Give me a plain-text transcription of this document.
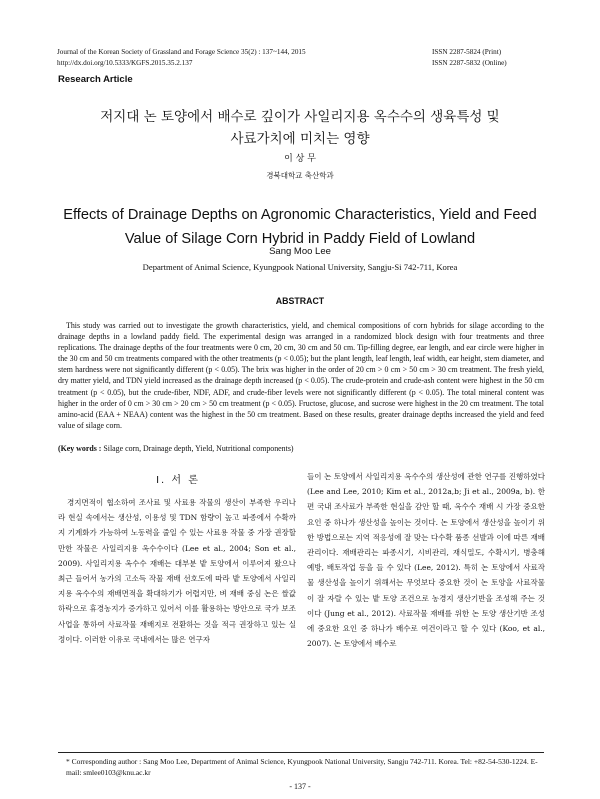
Journal of the Korean Society of Grassland and Forage Science 35(2) : 137~144, 2015
http://dx.doi.org/10.5333/KGFS.2015.35.2.137
ISSN 2287-5824 (Print)
ISSN 2287-5832 (Online)
Research Article
저지대 논 토양에서 배수로 깊이가 사일리지용 옥수수의 생육특성 및
사료가치에 미치는 영향
이 상 무
경북대학교 축산학과
Effects of Drainage Depths on Agronomic Characteristics, Yield and Feed
Value of Silage Corn Hybrid in Paddy Field of Lowland
Sang Moo Lee
Department of Animal Science, Kyungpook National University, Sangju-Si 742-711, Korea
ABSTRACT

This study was carried out to investigate the growth characteristics, yield, and chemical compositions of corn hybrids for silage according to the drainage depths in a lowland paddy field. The experimental design was arranged in a randomized block design with four treatments and three replications. The drainage depths of the four treatments were 0 cm, 20 cm, 30 cm and 50 cm. Tip-filling degree, ear length, and ear circle were higher in the 30 cm and 50 cm treatments compared with the other treatments (p < 0.05); but the plant length, leaf length, leaf width, ear height, stem diameter, and stem hardness were not significantly different (p < 0.05). The brix was higher in the order of 20 cm > 0 cm > 50 cm > 30 cm treatment. The fresh yield, dry matter yield, and TDN yield increased as the drainage depth increased (p < 0.05). The crude-protein and crude-ash content were highest in the 50 cm treatment (p < 0.05), but the crude-fiber, NDF, ADF, and crude-fiber levels were not significantly different (p < 0.05). The total mineral content was higher in the order of 0 cm > 30 cm > 20 cm > 50 cm treatment (p < 0.05). Fructose, glucose, and sucrose were highest in the 20 cm treatment. The total amino-acid (EAA + NEAA) content was the highest in the 50 cm treatment. Based on these results, greater drainage depths increased the yield and feed value of silage corn.

(Key words : Silage corn, Drainage depth, Yield, Nutritional components)

Ⅰ. 서 론

경지면적이 협소하여 조사료 및 사료용 작물의 생산이 부족한 우리나라 현실 속에서는 생산성, 이용성 및 TDN 함량이 높고 파종에서 수확까지 기계화가 가능하여 노동력을 줄일 수 있는 사료용 작물 중 가장 권장할 만한 작물은 사일리지용 옥수수이다 (Lee et al., 2004; Son et al., 2009). 사일리지용 옥수수 재배는 대부분 밭 토양에서 이루어져 왔으나 최근 들어서 농가의 고소득 작물 재배 선호도에 따라 밭 토양에서 사일리지용 옥수수의 재배면적을 확대하기가 어렵지만, 벼 재배 중심 논은 쌀값하락으로 휴경농지가 증가하고 있어서 이를 활용하는 방안으로 국가 보조 사업을 통하여 사료작물 재배지로 전환하는 것을 적극 권장하고 있는 실정이다. 이러한 이유로 국내에서는 많은 연구자

들이 논 토양에서 사일리지용 옥수수의 생산성에 관한 연구를 진행하였다 (Lee and Lee, 2010; Kim et al., 2012a,b; Ji et al., 2009a, b). 한편 국내 조사료가 부족한 현실을 감안 할 때, 옥수수 재배 시 가장 중요한 요인 중 하나가 생산성을 높이는 것이다. 논 토양에서 생산성을 높이기 위한 방법으로는 지역 적응성에 잘 맞는 다수확 품종 선발과 이에 따른 재배관리이다. 재배관리는 파종시기, 시비관리, 재식밀도, 수확시기, 병충해 예방, 배토작업 등을 들 수 있다 (Lee, 2012). 특히 논 토양에서 사료작물 생산성을 높이기 위해서는 무엇보다 중요한 것이 논 토양을 사료작물이 잘 자랄 수 있는 밭 토양 조건으로 농경지 생산기반을 조성해 주는 것이다 (Jung et al., 2012). 사료작물 재배를 위한 논 토양 생산기반 조성에 중요한 요인 중 하나가 배수로 여건이라고 할 수 있다 (Koo, et al., 2007). 논 토양에서 배수로

* Corresponding author : Sang Moo Lee, Department of Animal Science, Kyungpook National University, Sangju 742-711. Korea. Tel: +82-54-530-1224. E-mail: smlee0103@knu.ac.kr

- 137 -
